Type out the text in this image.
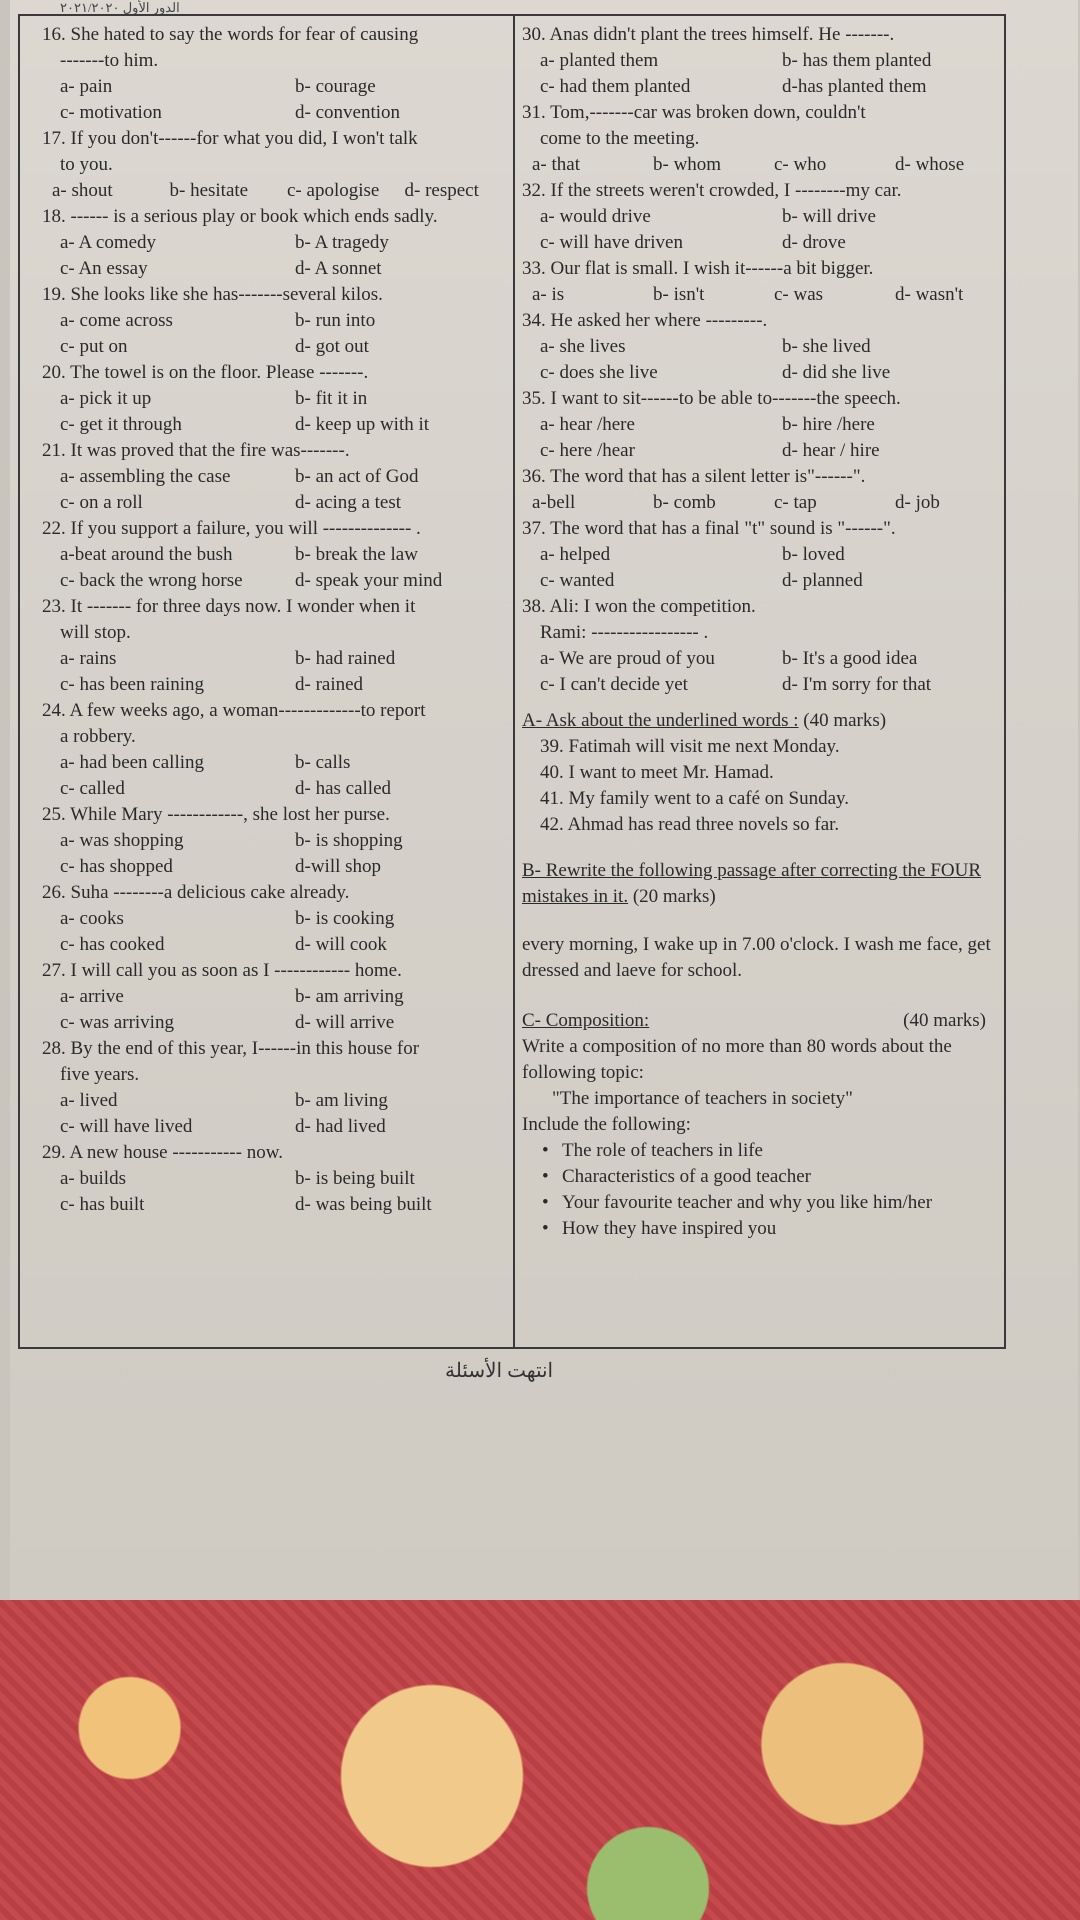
الدور الأول ٢٠٢١/٢٠٢٠
16. She hated to say the words for fear of causing
-------to him.
a- pain	b- courage
c- motivation	d- convention
17. If you don't------for what you did, I won't talk
to you.
a- shout	b- hesitate	c- apologise	d- respect
18. ------ is a serious play or book which ends sadly.
a- A comedy	b- A tragedy
c- An essay	d- A sonnet
19. She looks like she has-------several kilos.
a- come across	b- run into
c- put on	d- got out
20. The towel is on the floor. Please -------.
a- pick it up	b- fit it in
c- get it through	d- keep up with it
21. It was proved that the fire was-------.
a- assembling the case	b- an act of God
c- on a roll	d- acing a test
22. If you support a failure, you will -------------- .
a-beat around the bush	b- break the law
c- back the wrong horse	d- speak your mind
23. It ------- for three days now. I wonder when it
will stop.
a- rains	b- had rained
c- has been raining	d- rained
24. A few weeks ago, a woman-------------to report
a robbery.
a- had been calling	b- calls
c- called	d- has called
25. While Mary ------------, she lost her purse.
a- was shopping	b- is shopping
c- has shopped	d-will shop
26. Suha --------a delicious cake already.
a- cooks	b- is cooking
c- has cooked	d- will cook
27. I will call you as soon as I ------------ home.
a- arrive	b- am arriving
c- was arriving	d- will arrive
28. By the end of this year, I------in this house for
five years.
a- lived	b- am living
c- will have lived	d- had lived
29. A new house ----------- now.
a- builds	b- is being built
c- has built	d- was being built
30. Anas didn't plant the trees himself. He -------.
a- planted them	b- has them planted
c- had them planted	d-has planted them
31. Tom,-------car was broken down, couldn't
come to the meeting.
a- that	b- whom	c- who	d- whose
32. If the streets weren't crowded, I --------my car.
a- would drive	b- will drive
c- will have driven	d- drove
33. Our flat is small. I wish it------a bit bigger.
a- is	b- isn't	c- was	d- wasn't
34. He asked her where ---------.
a- she lives	b- she lived
c- does she live	d- did she live
35. I want to sit------to be able to-------the speech.
a- hear /here	b- hire /here
c- here /hear	d- hear / hire
36. The word that has a silent letter is"------".
a-bell	b- comb	c- tap	d- job
37. The word that has a final "t" sound is "------".
a- helped	b- loved
c- wanted	d- planned
38. Ali: I won the competition.
Rami: ----------------- .
a- We are proud of you	b- It's a good idea
c- I can't decide yet	d- I'm sorry for that
A- Ask about the underlined words : (40 marks)
39. Fatimah will visit me next Monday.
40. I want to meet Mr. Hamad.
41. My family went to a café on Sunday.
42. Ahmad has read three novels so far.
B- Rewrite the following passage after correcting the FOUR mistakes in it. (20 marks)
every morning, I wake up in 7.00 o'clock. I wash me face, get dressed and laeve for school.
C- Composition:	(40 marks)
Write a composition of no more than 80 words about the following topic:
"The importance of teachers in society"
Include the following:
• The role of teachers in life
• Characteristics of a good teacher
• Your favourite teacher and why you like him/her
• How they have inspired you
انتهت الأسئلة
